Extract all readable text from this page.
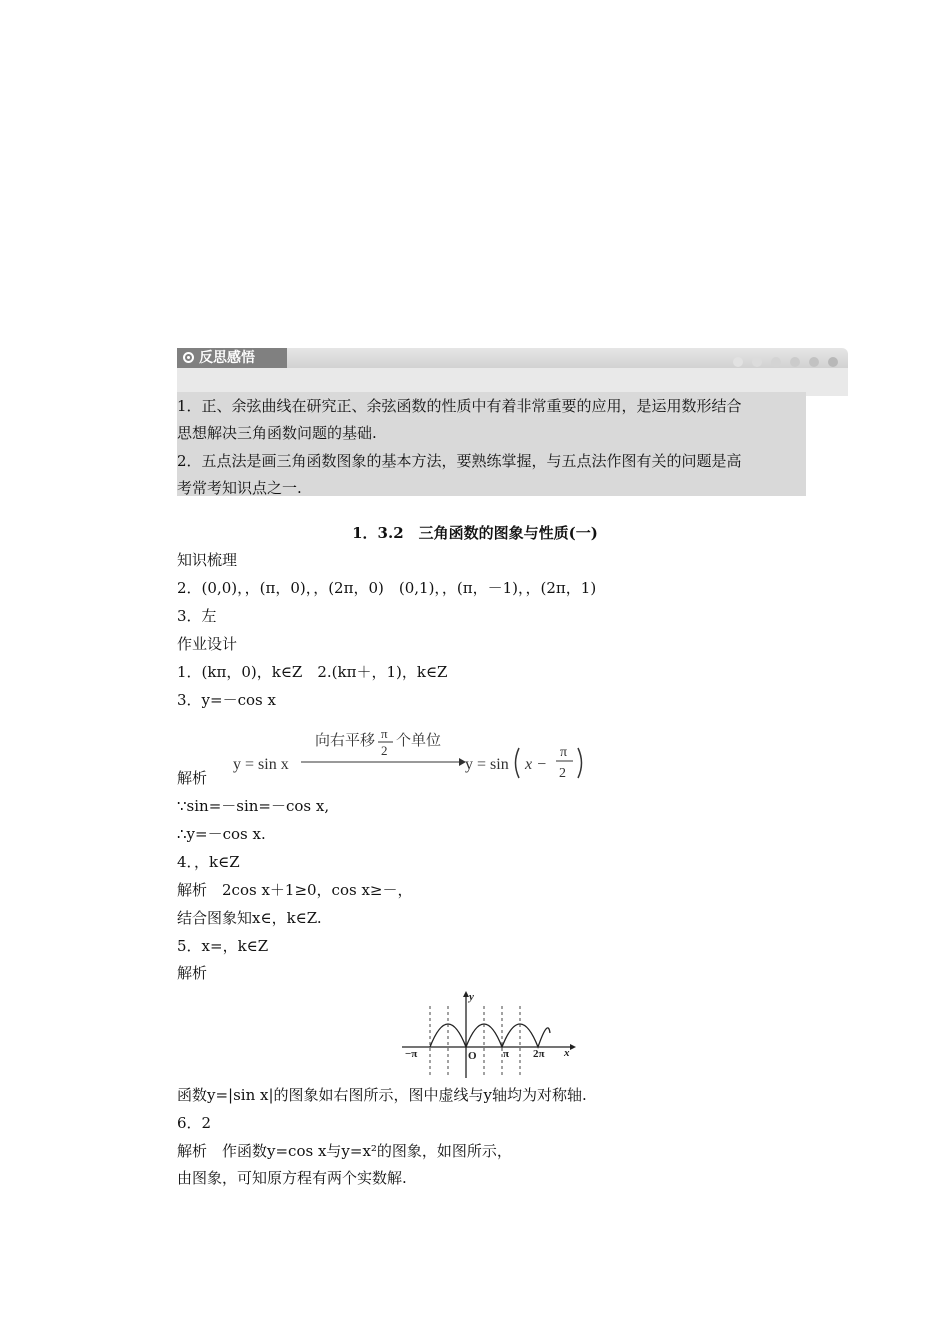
反思感悟
1．正、余弦曲线在研究正、余弦函数的性质中有着非常重要的应用，是运用数形结合
思想解决三角函数问题的基础.
2．五点法是画三角函数图象的基本方法，要熟练掌握，与五点法作图有关的问题是高
考常考知识点之一.
1．3.2　三角函数的图象与性质(一)
知识梳理
2．(0,0)，，(π，0)，，(2π，0)　(0,1)，，(π，－1)，，(2π，1)
3．左
作业设计
1．(kπ，0)，k∈Z　2.(kπ＋，1)，k∈Z
3．y=－cos x
向右平移 π
2
个单位
y = sin x	y = sin x −
π
2
解析
∵sin=－sin=－cos x,
∴y=－cos x.
4．，k∈Z
解析　2cos x＋1≥0，cos x≥－，
结合图象知x∈，k∈Z.
5．x=，k∈Z
解析
y
x
O
−π	π 2π
函数y=|sin x|的图象如右图所示，图中虚线与y轴均为对称轴.
6．2
解析　作函数y=cos x与y=x²的图象，如图所示，
由图象，可知原方程有两个实数解.
